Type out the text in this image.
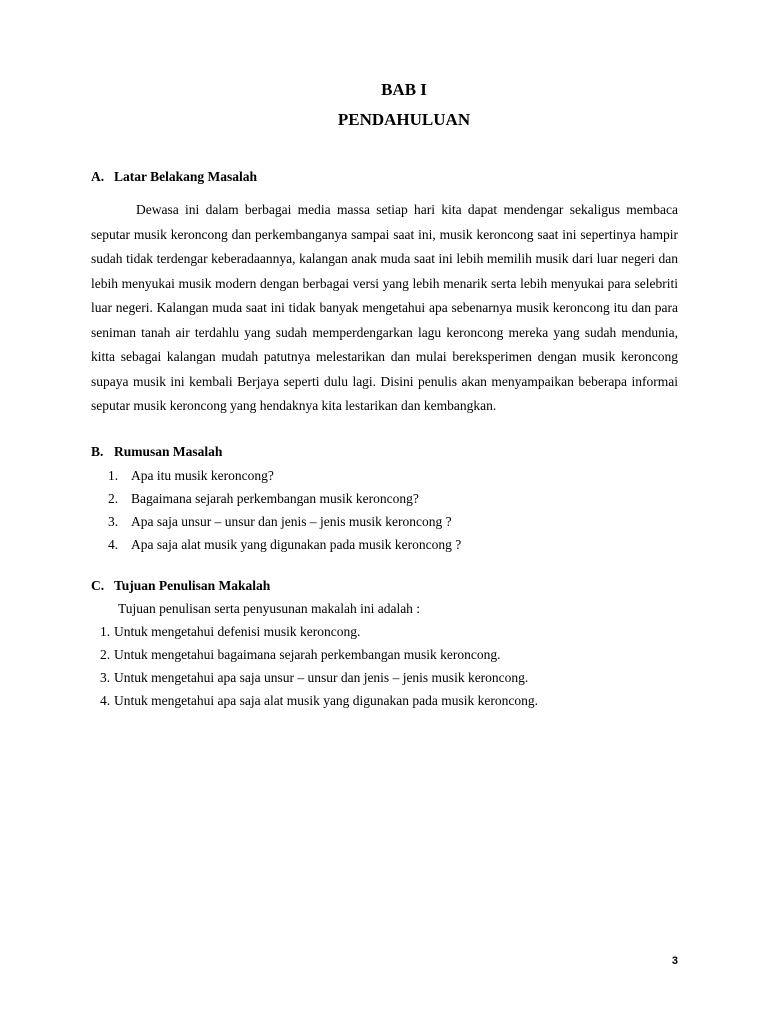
BAB I
PENDAHULUAN
A. Latar Belakang Masalah

Dewasa ini dalam berbagai media massa setiap hari kita dapat mendengar sekaligus membaca seputar musik keroncong dan perkembanganya sampai saat ini, musik keroncong saat ini sepertinya hampir sudah tidak terdengar keberadaannya, kalangan anak muda saat ini lebih memilih musik dari luar negeri dan lebih menyukai musik modern dengan berbagai versi yang lebih menarik serta lebih menyukai para selebriti luar negeri. Kalangan muda saat ini tidak banyak mengetahui apa sebenarnya musik keroncong itu dan para seniman tanah air terdahlu yang sudah memperdengarkan lagu keroncong mereka yang sudah mendunia, kitta sebagai kalangan mudah patutnya melestarikan dan mulai bereksperimen dengan musik keroncong supaya musik ini kembali Berjaya seperti dulu lagi. Disini penulis akan menyampaikan beberapa informai seputar musik keroncong yang hendaknya kita lestarikan dan kembangkan.

B. Rumusan Masalah
1. Apa itu musik keroncong?
2. Bagaimana sejarah perkembangan musik keroncong?
3. Apa saja unsur – unsur dan jenis – jenis musik keroncong ?
4. Apa saja alat musik yang digunakan pada musik keroncong ?
C. Tujuan Penulisan Makalah
Tujuan penulisan serta penyusunan makalah ini adalah :
1. Untuk mengetahui defenisi musik keroncong.
2. Untuk mengetahui bagaimana sejarah perkembangan musik keroncong.
3. Untuk mengetahui apa saja unsur – unsur dan jenis – jenis musik keroncong.
4. Untuk mengetahui apa saja alat musik yang digunakan pada musik keroncong.
3
